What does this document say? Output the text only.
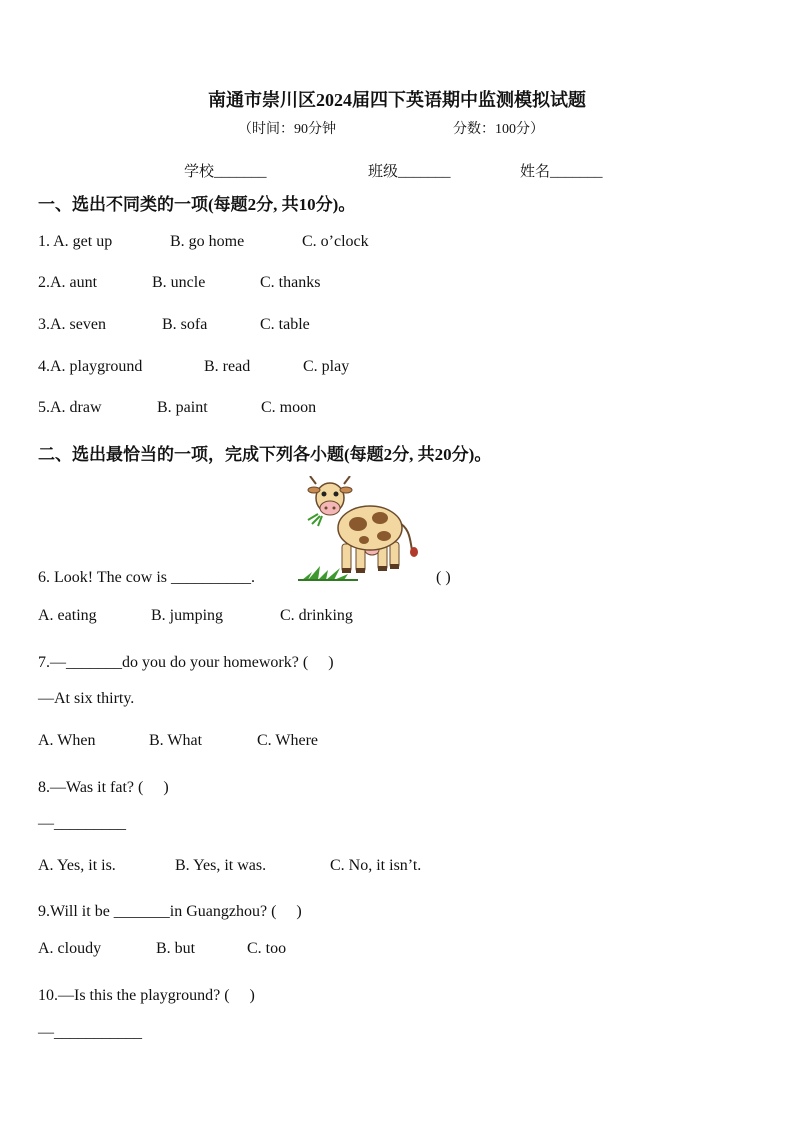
南通市崇川区2024届四下英语期中监测模拟试题
（时间：90分钟	分数：100分）
学校_______	班级_______	姓名_______
一、选出不同类的一项(每题2分, 共10分)。
1. A. get up	B. go home	C. o’clock
2.A. aunt	B. uncle	C. thanks
3.A. seven	B. sofa	C. table
4.A. playground	B. read	C. play
5.A. draw	B. paint	C. moon
二、选出最恰当的一项，完成下列各小题(每题2分, 共20分)。
6. Look! The cow is __________.	( )
A. eating	B. jumping	C. drinking
7.—_______do you do your homework? (　 )
—At six thirty.
A. When	B. What	C. Where
8.—Was it fat? (　 )
—_________
A. Yes, it is.	B. Yes, it was.	C. No, it isn’t.
9.Will it be _______in Guangzhou? (　 )
A. cloudy	B. but	C. too
10.—Is this the playground? (　 )
—___________
